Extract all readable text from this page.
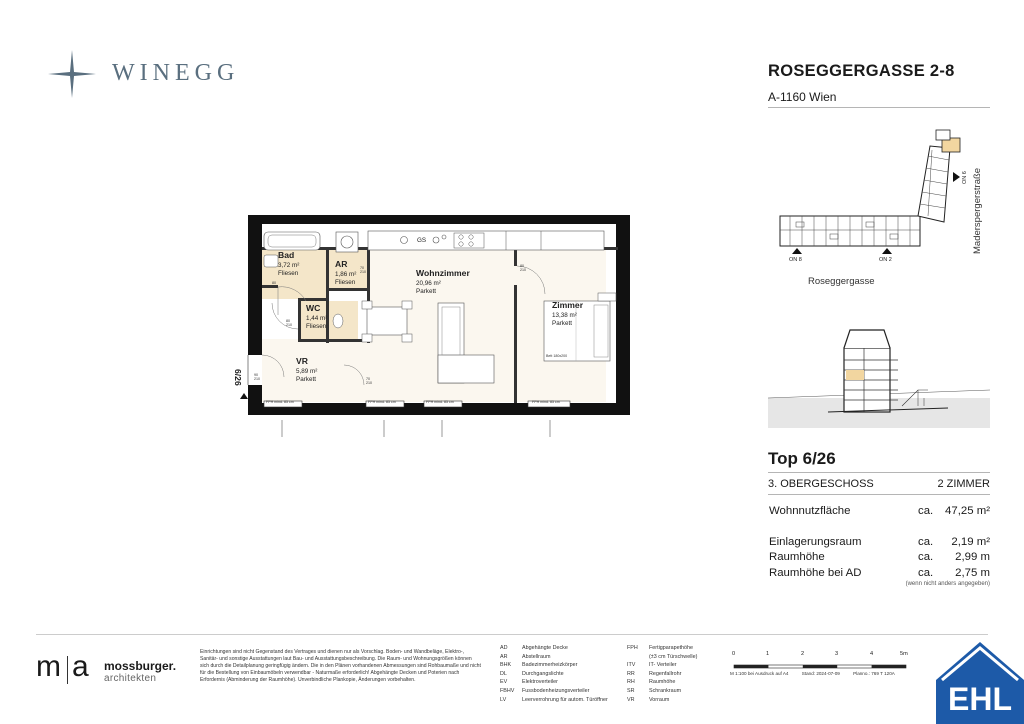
WINEGG	ROSEGGERGASSE 2-8
A-1160 Wien
Bad
3,72 m²
Fliesen
AR
1,86 m²
Fliesen
WC
1,44 m²
Fliesen
Wohnzimmer
20,96 m²
Parkett
Zimmer
13,38 m²
Parkett
VR
5,89 m²
Parkett
6/26
GS
Bett 180x200
FPH mind. 85 cm	FPH mind. 85 cm	FPH mind. 85 cm	FPH mind. 85 cm
80
210
70
210
80
210
90
210
80
210
70
210
ON 8	ON 2
ON 6
Roseggergasse
Maderspergerstraße
Top 6/26
3. OBERGESCHOSS	2 ZIMMER
Wohnnutzfläche	ca. 47,25 m²
Einlagerungsraum	ca. 2,19 m²
Raumhöhe	ca. 2,99 m
Raumhöhe bei AD	ca. 2,75 m
(wenn nicht anders angegeben)
m a mossburger.
architekten
Einrichtungen sind nicht Gegenstand des Vertrages und dienen nur als Vorschlag. Boden- und Wandbeläge, Elektro-, Sanitär- und sonstige Ausstattungen laut Bau- und Ausstattungsbeschreibung. Die Raum- und Wohnungsgrößen können sich durch die Detailplanung geringfügig ändern. Die in den Plänen vorhandenen Abmessungen sind Rohbaumaße und nicht für die Bestellung von Einbaumöbeln verwendbar - Naturmaße erforderlich! Abgehängte Decken und Poterien nach Erfordernis (Abminderung der Raumhöhe). Unverbindliche Plankopie, Änderungen vorbehalten.
AD	Abgehängte Decke
AR	Abstellraum
BHK Badezimmerheizkörper
DL	Durchgangslichte
EV	Elektroverteiler
FBHV Fussbodenheizungsverteiler
LV	Leerverrohrung für autom. Türöffner
FPH Fertigparapethöhe
(±3 cm Türschwelle)
ITV	IT- Verteiler
RR	Regenfallrohr
RH	Raumhöhe
SR	Schrankraum
VR	Vorraum
0	1	2	3	4	5m
M 1:100 bei Ausdruck auf A4	Stand: 2024-07-09	Planno.: 769 T 120A
EHL
